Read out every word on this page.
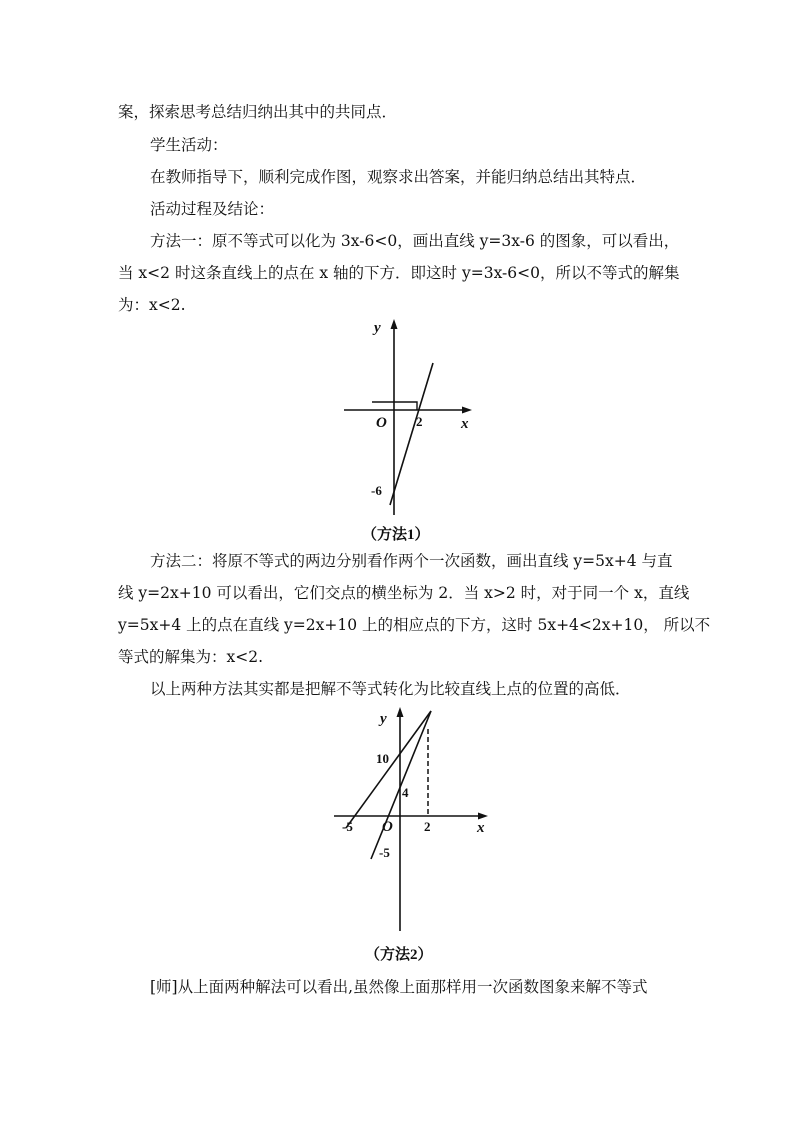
案，探索思考总结归纳出其中的共同点．
学生活动：
在教师指导下，顺利完成作图，观察求出答案，并能归纳总结出其特点．
活动过程及结论：
方法一：原不等式可以化为 3x-6<0，画出直线 y=3x-6 的图象，可以看出，
当 x<2 时这条直线上的点在 x 轴的下方．即这时 y=3x-6<0，所以不等式的解集
为：x<2.
y
x
O 2
-6
（方法1）
方法二：将原不等式的两边分别看作两个一次函数，画出直线 y=5x+4 与直
线 y=2x+10 可以看出，它们交点的横坐标为 2．当 x>2 时，对于同一个 x，直线
y=5x+4 上的点在直线 y=2x+10 上的相应点的下方，这时 5x+4<2x+10， 所以不
等式的解集为：x<2.
以上两种方法其实都是把解不等式转化为比较直线上点的位置的高低．
y
x
O
10
4
-5
-5	2
（方法2）
[师]从上面两种解法可以看出,虽然像上面那样用一次函数图象来解不等式
